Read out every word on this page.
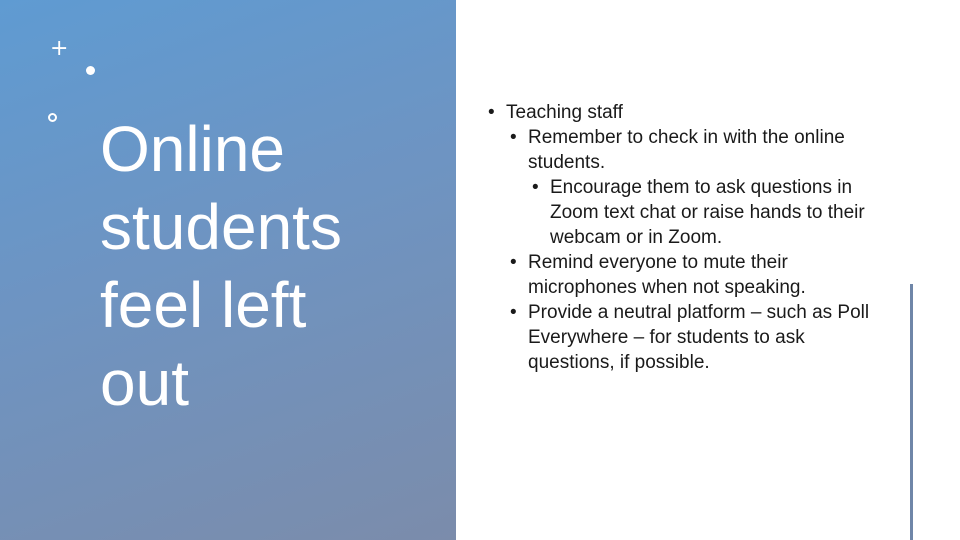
+
Online
students
feel left
out
• Teaching staff
• Remember to check in with the online students.
• Encourage them to ask questions in Zoom text chat or raise hands to their webcam or in Zoom.
• Remind everyone to mute their microphones when not speaking.
• Provide a neutral platform – such as Poll Everywhere – for students to ask questions, if possible.
